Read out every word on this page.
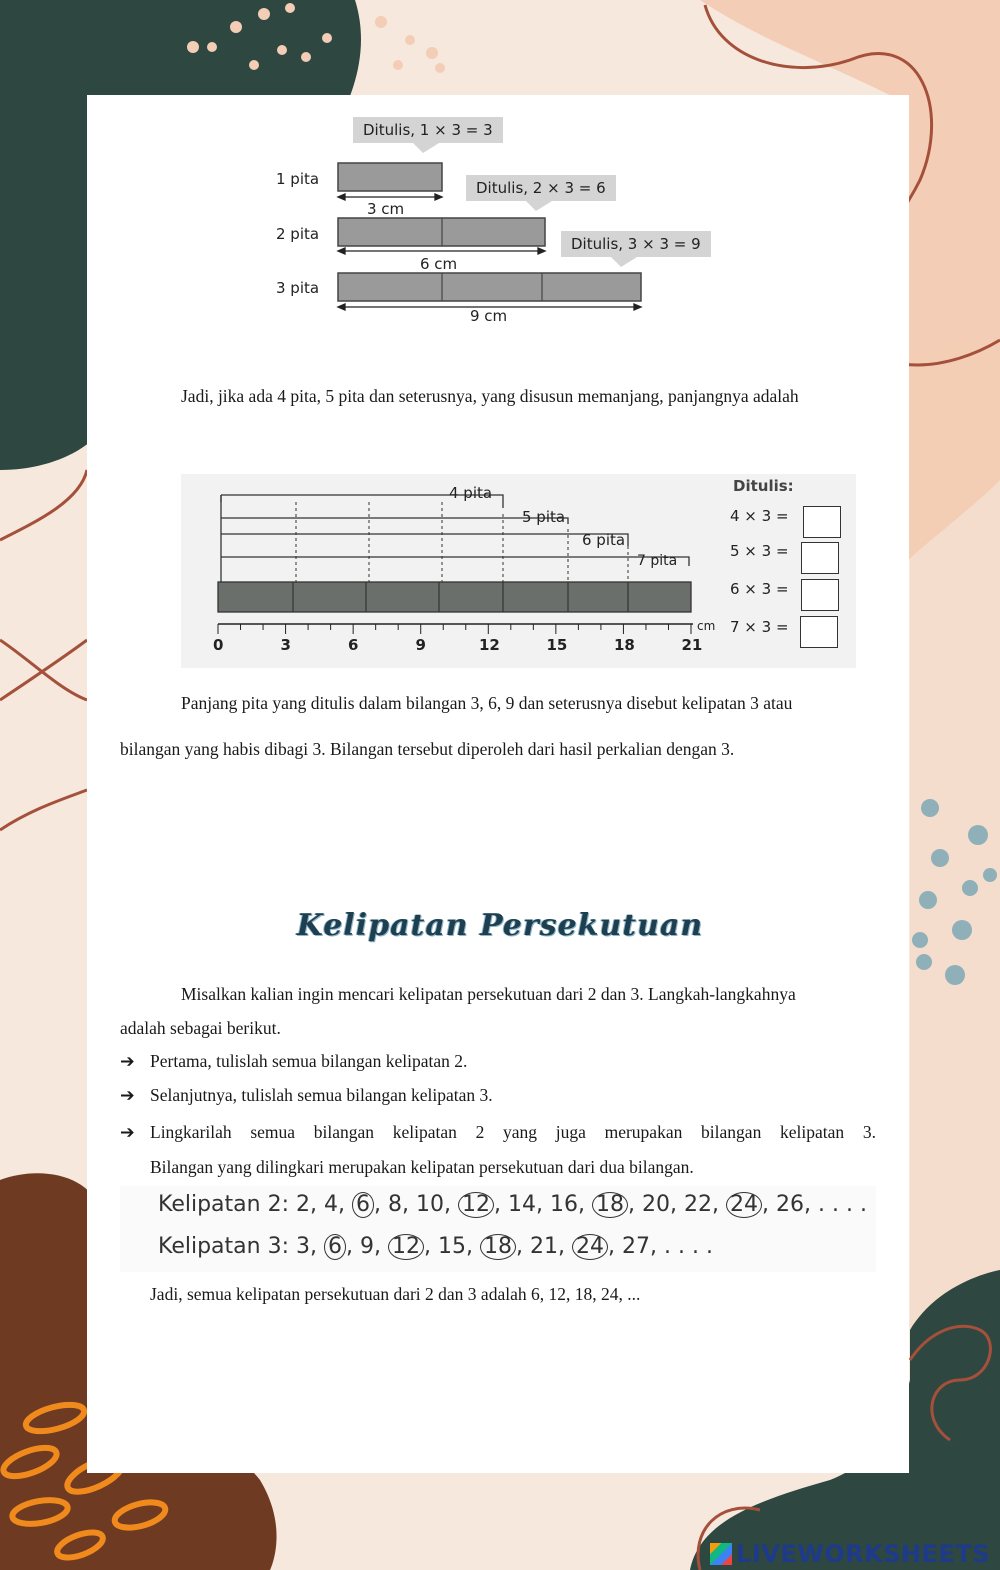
Ditulis, 1 × 3 = 3
Ditulis, 2 × 3 = 6
Ditulis, 3 × 3 = 9
1 pita
2 pita
3 pita
3 cm
6 cm
9 cm
Jadi, jika ada 4 pita, 5 pita dan seterusnya, yang disusun memanjang, panjangnya adalah
4 pita
5 pita
6 pita
7 pita
0	3	6	9	12	15	18	21
cm
Ditulis:
4 × 3 =
5 × 3 =
6 × 3 =
7 × 3 =
Panjang pita yang ditulis dalam bilangan 3, 6, 9 dan seterusnya disebut kelipatan 3 atau
bilangan yang habis dibagi 3. Bilangan tersebut diperoleh dari hasil perkalian dengan 3.
Kelipatan Persekutuan
Misalkan kalian ingin mencari kelipatan persekutuan dari 2 dan 3. Langkah-langkahnya
adalah sebagai berikut.
➔ Pertama, tulislah semua bilangan kelipatan 2.
➔ Selanjutnya, tulislah semua bilangan kelipatan 3.
➔ Lingkarilah semua bilangan kelipatan 2 yang juga merupakan bilangan kelipatan 3.
Bilangan yang dilingkari merupakan kelipatan persekutuan dari dua bilangan.
Kelipatan 2: 2, 4, 6 , 8, 10, 12 , 14, 16, 18 , 20, 22, 24 , 26, . . . .
Kelipatan 3: 3, 6 , 9, 12 , 15, 18 , 21, 24 , 27, . . . .
Jadi, semua kelipatan persekutuan dari 2 dan 3 adalah 6, 12, 18, 24, ...
LIVEWORKSHEETS
